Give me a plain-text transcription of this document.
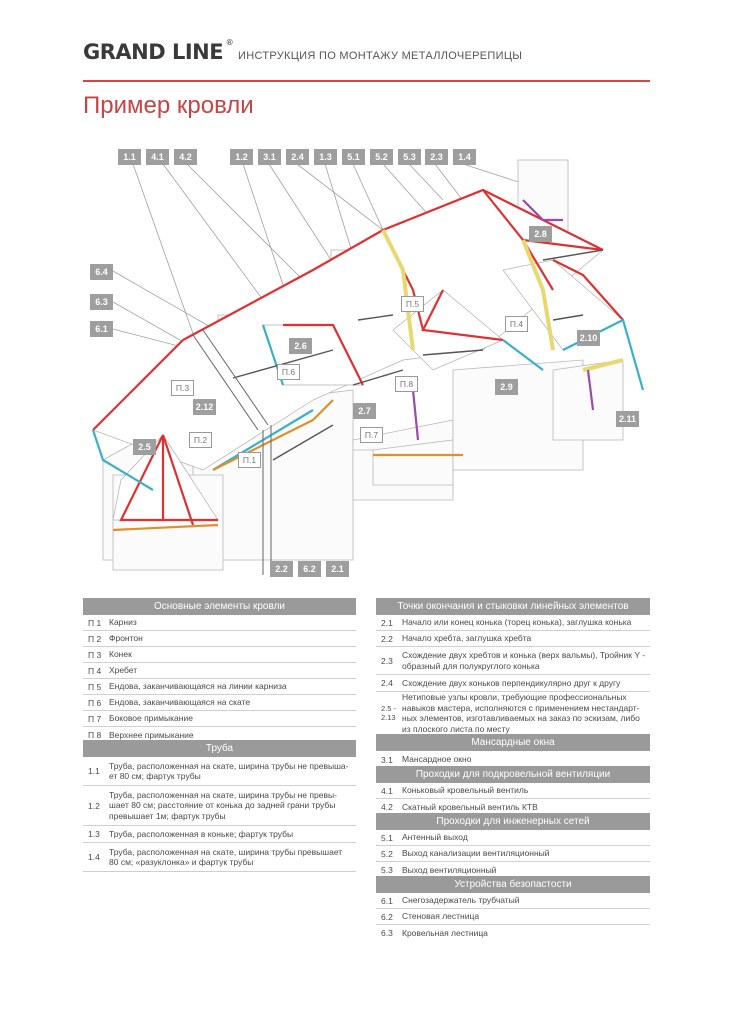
GRAND LINE ®
ИНСТРУКЦИЯ ПО МОНТАЖУ МЕТАЛЛОЧЕРЕПИЦЫ
Пример кровли
1.1	4.1	4.2	1.2	3.1	2.4	1.3	5.1	5.2	5.3	2.3	1.4
6.4
6.3
6.1
2.8
2.6
П.6
П.3
2.12
П.2
2.5
П.1
П.5
П.4
2.10
2.9
П.8
2.7
П.7
2.11
2.2	6.2	2.1
Основные элементы кровли
П 1 Карниз
П 2 Фронтон
П 3 Конек
П 4 Хребет
П 5 Ендова, заканчивающаяся на линии карниза
П 6 Ендова, заканчивающаяся на скате
П 7 Боковое примыкание
П 8 Верхнее примыкание
Труба
1.1
Труба, расположенная на скате, ширина трубы не превыша-ет 80 см; фартук трубы
1.2
Труба, расположенная на скате, ширина трубы не превы-шает 80 см; расстояние от конька до задней грани трубы превышает 1м; фартук трубы
1.3	Труба, расположенная в коньке; фартук трубы
1.4
Труба, расположенная на скате, ширина трубы превышает 80 см; «разуклонка» и фартук трубы
Точки окончания и стыковки линейных элементов
2.1	Начало или конец конька (торец конька), заглушка конька
2.2	Начало хребта, заглушка хребта
2.3
Схождение двух хребтов и конька (верх вальмы), Тройник Y - образный для полукруглого конька
2.4	Схождение двух коньков перпендикулярно друг к другу
2.5 - 2.13
Нетиповые узлы кровли, требующие профессиональных навыков мастера, исполняются с применением нестандарт-ных элементов, изготавливаемых на заказ по эскизам, либо из плоского листа по месту
Мансардные окна
3.1	Мансардное окно
Проходки для подкровельной вентиляции
4.1	Коньковый кровельный вентиль
4.2	Скатный кровельный вентиль КТВ
Проходки для инженерных сетей
5.1	Антенный выход
5.2	Выход канализации вентиляционный
5.3	Выход вентиляционный
Устройства безопастости
6.1	Снегозадержатель трубчатый
6.2	Стеновая лестница
6.3	Кровельная лестница
